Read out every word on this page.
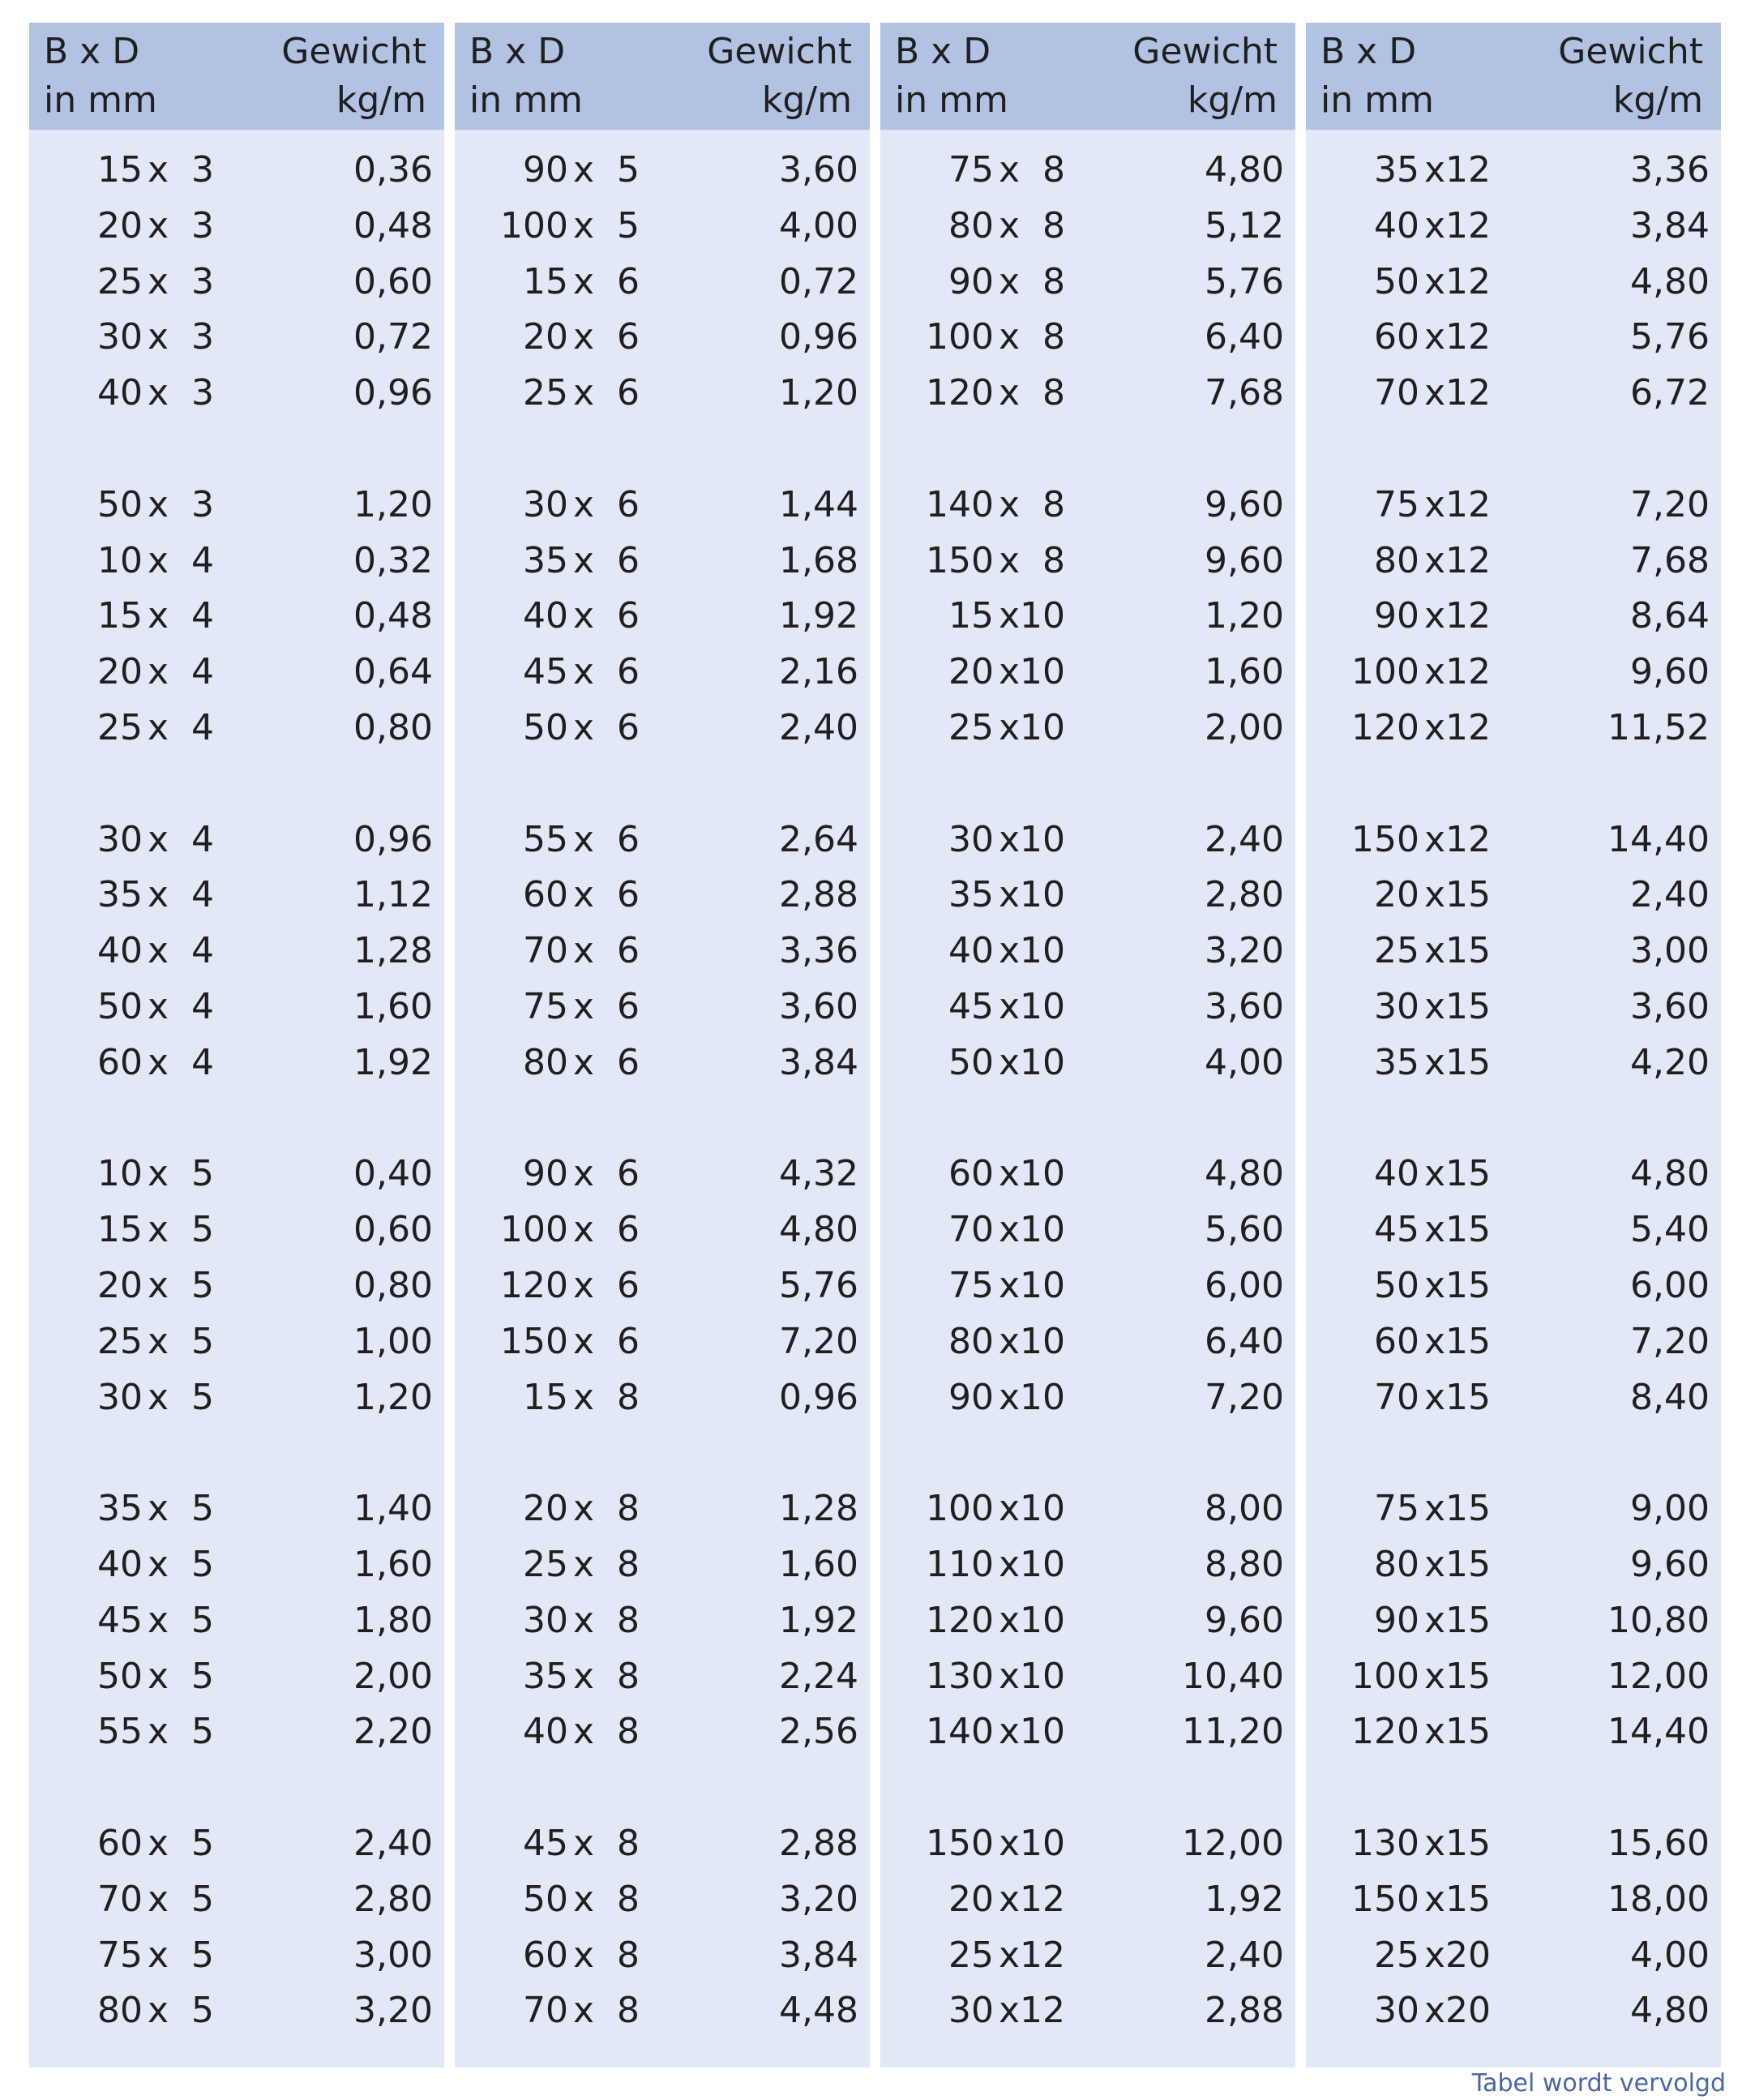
B x D
in mm
Gewicht
kg/m
15 x 3	0,36
20 x 3	0,48
25 x 3	0,60
30 x 3	0,72
40 x 3	0,96
50 x 3	1,20
10 x 4	0,32
15 x 4	0,48
20 x 4	0,64
25 x 4	0,80
30 x 4	0,96
35 x 4	1,12
40 x 4	1,28
50 x 4	1,60
60 x 4	1,92
10 x 5	0,40
15 x 5	0,60
20 x 5	0,80
25 x 5	1,00
30 x 5	1,20
35 x 5	1,40
40 x 5	1,60
45 x 5	1,80
50 x 5	2,00
55 x 5	2,20
60 x 5	2,40
70 x 5	2,80
75 x 5	3,00
80 x 5	3,20
B x D
in mm
Gewicht
kg/m
90 x 5	3,60
100 x 5	4,00
15 x 6	0,72
20 x 6	0,96
25 x 6	1,20
30 x 6	1,44
35 x 6	1,68
40 x 6	1,92
45 x 6	2,16
50 x 6	2,40
55 x 6	2,64
60 x 6	2,88
70 x 6	3,36
75 x 6	3,60
80 x 6	3,84
90 x 6	4,32
100 x 6	4,80
120 x 6	5,76
150 x 6	7,20
15 x 8	0,96
20 x 8	1,28
25 x 8	1,60
30 x 8	1,92
35 x 8	2,24
40 x 8	2,56
45 x 8	2,88
50 x 8	3,20
60 x 8	3,84
70 x 8	4,48
B x D
in mm
Gewicht
kg/m
75 x 8	4,80
80 x 8	5,12
90 x 8	5,76
100 x 8	6,40
120 x 8	7,68
140 x 8	9,60
150 x 8	9,60
15 x 10	1,20
20 x 10	1,60
25 x 10	2,00
30 x 10	2,40
35 x 10	2,80
40 x 10	3,20
45 x 10	3,60
50 x 10	4,00
60 x 10	4,80
70 x 10	5,60
75 x 10	6,00
80 x 10	6,40
90 x 10	7,20
100 x 10	8,00
110 x 10	8,80
120 x 10	9,60
130 x 10	10,40
140 x 10	11,20
150 x 10	12,00
20 x 12	1,92
25 x 12	2,40
30 x 12	2,88
B x D
in mm
Gewicht
kg/m
35 x 12	3,36
40 x 12	3,84
50 x 12	4,80
60 x 12	5,76
70 x 12	6,72
75 x 12	7,20
80 x 12	7,68
90 x 12	8,64
100 x 12	9,60
120 x 12	11,52
150 x 12	14,40
20 x 15	2,40
25 x 15	3,00
30 x 15	3,60
35 x 15	4,20
40 x 15	4,80
45 x 15	5,40
50 x 15	6,00
60 x 15	7,20
70 x 15	8,40
75 x 15	9,00
80 x 15	9,60
90 x 15	10,80
100 x 15	12,00
120 x 15	14,40
130 x 15	15,60
150 x 15	18,00
25 x 20	4,00
30 x 20	4,80
Tabel wordt vervolgd
